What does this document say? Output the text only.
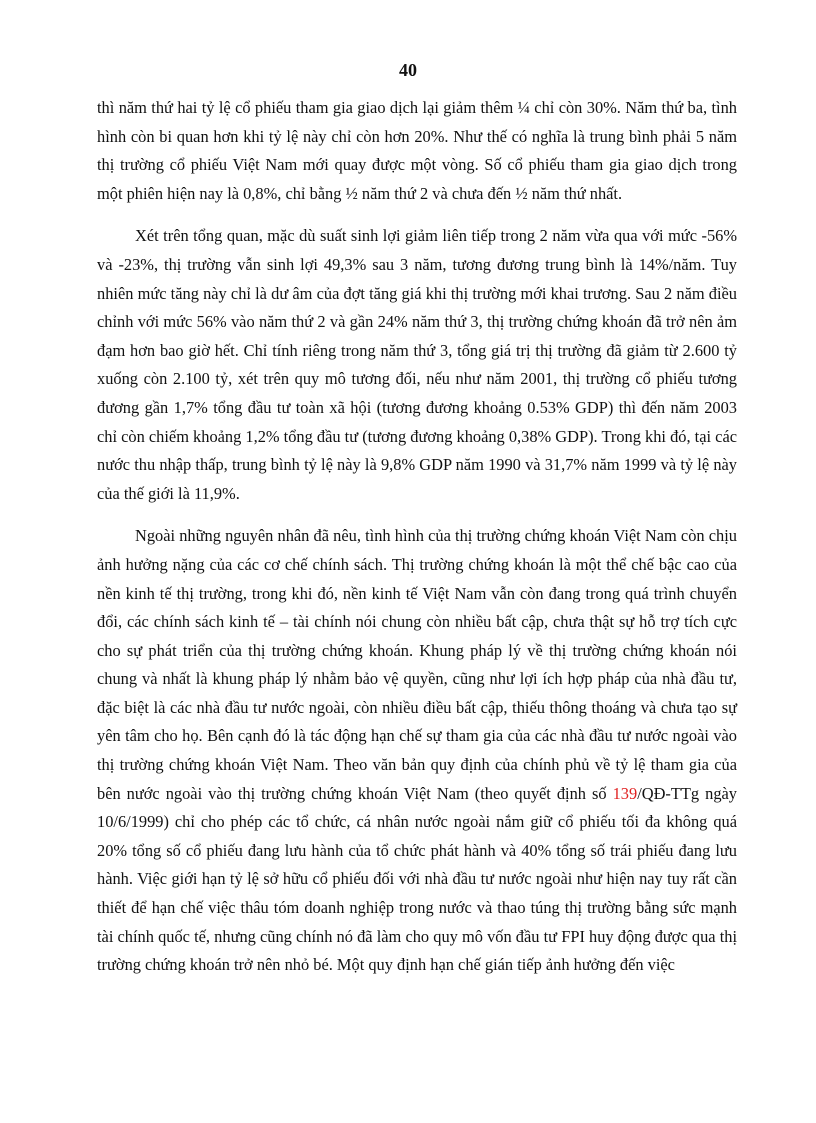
40

thì năm thứ hai tỷ lệ cổ phiếu tham gia giao dịch lại giảm thêm ¼ chỉ còn 30%. Năm thứ ba, tình hình còn bi quan hơn khi tỷ lệ này chỉ còn hơn 20%. Như thế có nghĩa là trung bình phải 5 năm thị trường cổ phiếu Việt Nam mới quay được một vòng. Số cổ phiếu tham gia giao dịch trong một phiên hiện nay là 0,8%, chỉ bằng ½ năm thứ 2 và chưa đến ½ năm thứ nhất.

Xét trên tổng quan, mặc dù suất sinh lợi giảm liên tiếp trong 2 năm vừa qua với mức -56% và -23%, thị trường vẫn sinh lợi 49,3% sau 3 năm, tương đương trung bình là 14%/năm. Tuy nhiên mức tăng này chỉ là dư âm của đợt tăng giá khi thị trường mới khai trương. Sau 2 năm điều chỉnh với mức 56% vào năm thứ 2 và gần 24% năm thứ 3, thị trường chứng khoán đã trở nên ảm đạm hơn bao giờ hết. Chỉ tính riêng trong năm thứ 3, tổng giá trị thị trường đã giảm từ 2.600 tỷ xuống còn 2.100 tỷ, xét trên quy mô tương đối, nếu như năm 2001, thị trường cổ phiếu tương đương gần 1,7% tổng đầu tư toàn xã hội (tương đương khoảng 0.53% GDP) thì đến năm 2003 chỉ còn chiếm khoảng 1,2% tổng đầu tư (tương đương khoảng 0,38% GDP). Trong khi đó, tại các nước thu nhập thấp, trung bình tỷ lệ này là 9,8% GDP năm 1990 và 31,7% năm 1999 và tỷ lệ này của thế giới là 11,9%.

Ngoài những nguyên nhân đã nêu, tình hình của thị trường chứng khoán Việt Nam còn chịu ảnh hưởng nặng của các cơ chế chính sách. Thị trường chứng khoán là một thể chế bậc cao của nền kinh tế thị trường, trong khi đó, nền kinh tế Việt Nam vẫn còn đang trong quá trình chuyển đổi, các chính sách kinh tế – tài chính nói chung còn nhiều bất cập, chưa thật sự hỗ trợ tích cực cho sự phát triển của thị trường chứng khoán. Khung pháp lý về thị trường chứng khoán nói chung và nhất là khung pháp lý nhằm bảo vệ quyền, cũng như lợi ích hợp pháp của nhà đầu tư, đặc biệt là các nhà đầu tư nước ngoài, còn nhiều điều bất cập, thiếu thông thoáng và chưa tạo sự yên tâm cho họ. Bên cạnh đó là tác động hạn chế sự tham gia của các nhà đầu tư nước ngoài vào thị trường chứng khoán Việt Nam. Theo văn bản quy định của chính phủ về tỷ lệ tham gia của bên nước ngoài vào thị trường chứng khoán Việt Nam (theo quyết định số 139/QĐ-TTg ngày 10/6/1999) chỉ cho phép các tổ chức, cá nhân nước ngoài nắm giữ cổ phiếu tối đa không quá 20% tổng số cổ phiếu đang lưu hành của tổ chức phát hành và 40% tổng số trái phiếu đang lưu hành. Việc giới hạn tỷ lệ sở hữu cổ phiếu đối với nhà đầu tư nước ngoài như hiện nay tuy rất cần thiết để hạn chế việc thâu tóm doanh nghiệp trong nước và thao túng thị trường bằng sức mạnh tài chính quốc tế, nhưng cũng chính nó đã làm cho quy mô vốn đầu tư FPI huy động được qua thị trường chứng khoán trở nên nhỏ bé. Một quy định hạn chế gián tiếp ảnh hưởng đến việc
